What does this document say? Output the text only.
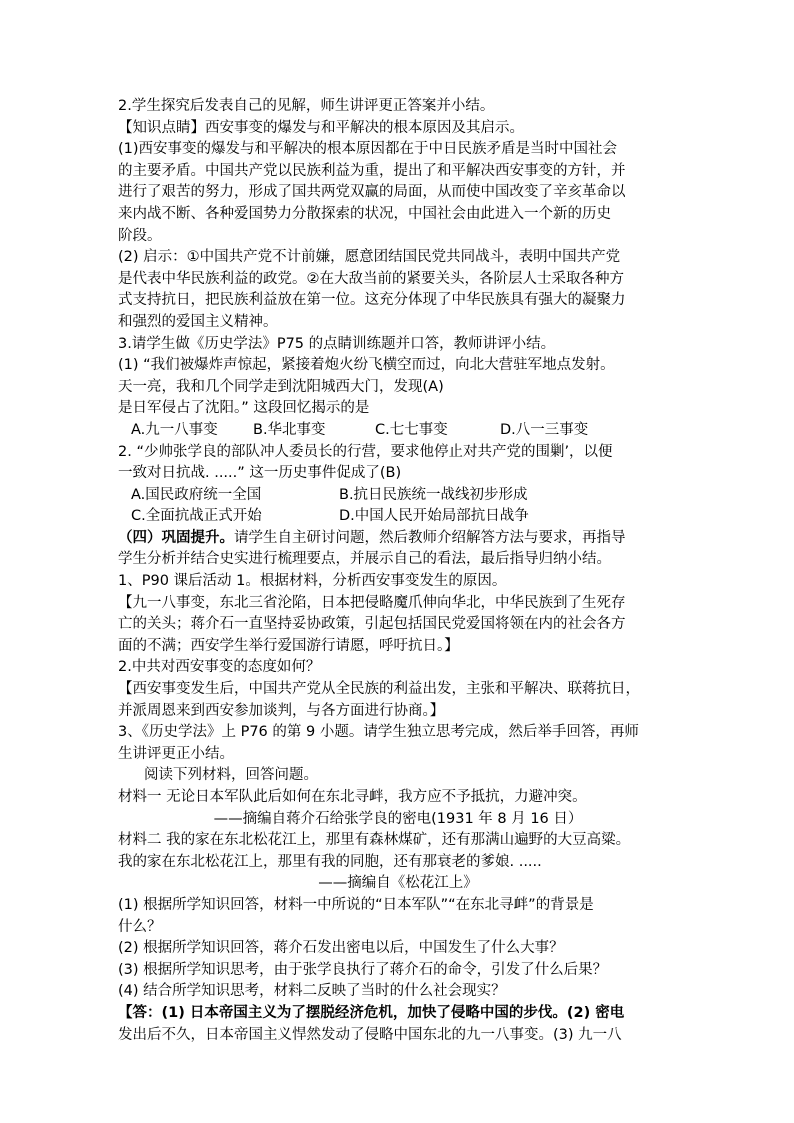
2.学生探究后发表自己的见解，师生讲评更正答案并小结。
【知识点睛】西安事变的爆发与和平解决的根本原因及其启示。
(1)西安事变的爆发与和平解决的根本原因都在于中日民族矛盾是当时中国社会
的主要矛盾。中国共产党以民族利益为重，提出了和平解决西安事变的方针，并
进行了艰苦的努力，形成了国共两党双赢的局面，从而使中国改变了辛亥革命以
来内战不断、各种爱国势力分散探索的状况，中国社会由此进入一个新的历史
阶段。
(2) 启示：①中国共产党不计前嫌，愿意团结国民党共同战斗，表明中国共产党
是代表中华民族利益的政党。②在大敌当前的紧要关头，各阶层人士采取各种方
式支持抗日，把民族利益放在第一位。这充分体现了中华民族具有强大的凝聚力
和强烈的爱国主义精神。
3.请学生做《历史学法》P75 的点睛训练题并口答，教师讲评小结。
(1) “我们被爆炸声惊起，紧接着炮火纷飞横空而过，向北大营驻军地点发射。
天一亮，我和几个同学走到沈阳城西大门，发现(A)
是日军侵占了沈阳。” 这段回忆揭示的是
A.九一八事变	B.华北事变	C.七七事变	D.八一三事变
2. “少帅张学良的部队冲人委员长的行营，要求他停止对共产党的围剿’，以便
一致对日抗战. .....” 这一历史事件促成了(B)
A.国民政府统一全国	B.抗日民族统一战线初步形成
C.全面抗战正式开始	D.中国人民开始局部抗日战争
（四）巩固提升。请学生自主研讨问题，然后教师介绍解答方法与要求，再指导
学生分析并结合史实进行梳理要点，并展示自己的看法，最后指导归纳小结。
1、P90 课后活动 1。根据材料，分析西安事变发生的原因。
【九一八事变，东北三省沦陷，日本把侵略魔爪伸向华北，中华民族到了生死存
亡的关头；蒋介石一直坚持妥协政策，引起包括国民党爱国将领在内的社会各方
面的不满；西安学生举行爱国游行请愿，呼吁抗日。】
2.中共对西安事变的态度如何？
【西安事变发生后，中国共产党从全民族的利益出发，主张和平解决、联蒋抗日，
并派周恩来到西安参加谈判，与各方面进行协商。】
3、《历史学法》上 P76 的第 9 小题。请学生独立思考完成，然后举手回答，再师
生讲评更正小结。
阅读下列材料，回答问题。
材料一 无论日本军队此后如何在东北寻衅，我方应不予抵抗，力避冲突。
——摘编自蒋介石给张学良的密电(1931 年 8 月 16 日）
材料二 我的家在东北松花江上，那里有森林煤矿，还有那满山遍野的大豆高粱。
我的家在东北松花江上，那里有我的同胞，还有那衰老的爹娘. .....
——摘编自《松花江上》
(1) 根据所学知识回答，材料一中所说的“日本军队”“在东北寻衅”的背景是
什么？
(2) 根据所学知识回答，蒋介石发出密电以后，中国发生了什么大事？
(3) 根据所学知识思考，由于张学良执行了蒋介石的命令，引发了什么后果？
(4) 结合所学知识思考，材料二反映了当时的什么社会现实？
【答：(1) 日本帝国主义为了摆脱经济危机，加快了侵略中国的步伐。(2) 密电
发出后不久，日本帝国主义悍然发动了侵略中国东北的九一八事变。(3) 九一八
